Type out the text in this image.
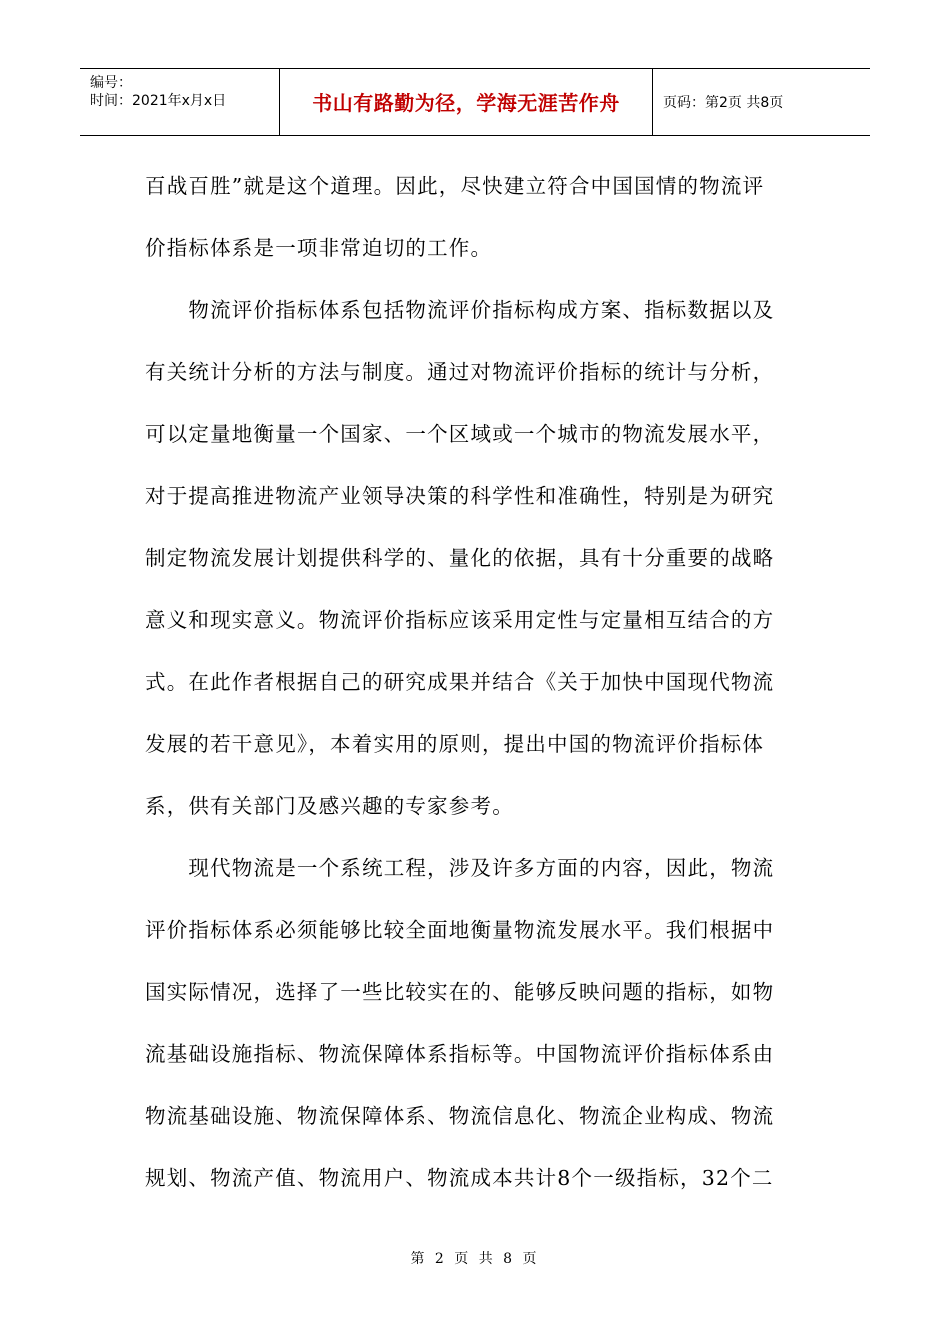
编号：
时间：2021年x月x日	书山有路勤为径，学海无涯苦作舟	页码：第2页 共8页
百战百胜”就是这个道理。因此，尽快建立符合中国国情的物流评
价指标体系是一项非常迫切的工作。
　　物流评价指标体系包括物流评价指标构成方案、指标数据以及
有关统计分析的方法与制度。通过对物流评价指标的统计与分析，
可以定量地衡量一个国家、一个区域或一个城市的物流发展水平，
对于提高推进物流产业领导决策的科学性和准确性，特别是为研究
制定物流发展计划提供科学的、量化的依据，具有十分重要的战略
意义和现实意义。物流评价指标应该采用定性与定量相互结合的方
式。在此作者根据自己的研究成果并结合《关于加快中国现代物流
发展的若干意见》，本着实用的原则，提出中国的物流评价指标体
系，供有关部门及感兴趣的专家参考。
　　现代物流是一个系统工程，涉及许多方面的内容，因此，物流
评价指标体系必须能够比较全面地衡量物流发展水平。我们根据中
国实际情况，选择了一些比较实在的、能够反映问题的指标，如物
流基础设施指标、物流保障体系指标等。中国物流评价指标体系由
物流基础设施、物流保障体系、物流信息化、物流企业构成、物流
规划、物流产值、物流用户、物流成本共计8个一级指标，32个二
第 2 页 共 8 页
